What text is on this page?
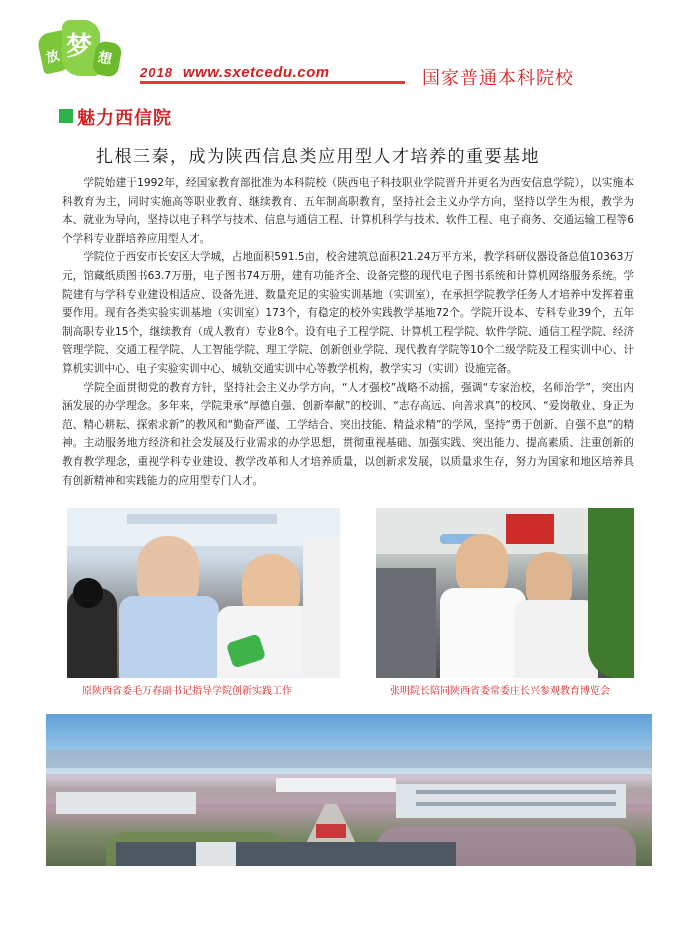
放 梦 想
2018 www.sxetcedu.com	国家普通本科院校
魅力西信院
扎根三秦，成为陕西信息类应用型人才培养的重要基地

学院始建于1992年，经国家教育部批准为本科院校（陕西电子科技职业学院晋升并更名为西安信息学院），以实施本科教育为主，同时实施高等职业教育、继续教育、五年制高职教育，坚持社会主义办学方向，坚持以学生为根，教学为本、就业为导向，坚持以电子科学与技术、信息与通信工程、计算机科学与技术、软件工程、电子商务、交通运输工程等6个学科专业群培养应用型人才。

学院位于西安市长安区大学城，占地面积591.5亩，校舍建筑总面积21.24万平方米，教学科研仪器设备总值10363万元，馆藏纸质图书63.7万册，电子图书74万册，建有功能齐全、设备完整的现代电子图书系统和计算机网络服务系统。学院建有与学科专业建设相适应、设备先进、数量充足的实验实训基地（实训室），在承担学院教学任务人才培养中发挥着重要作用。现有各类实验实训基地（实训室）173个，有稳定的校外实践教学基地72个。学院开设本、专科专业39个，五年制高职专业15个，继续教育（成人教育）专业8个。设有电子工程学院、计算机工程学院、软件学院、通信工程学院、经济管理学院、交通工程学院、人工智能学院、理工学院、创新创业学院、现代教育学院等10个二级学院及工程实训中心、计算机实训中心、电子实验实训中心、城轨交通实训中心等教学机构，教学实习（实训）设施完备。

学院全面贯彻党的教育方针，坚持社会主义办学方向，“人才强校”战略不动摇，强调“专家治校，名师治学”，突出内涵发展的办学理念。多年来，学院秉承“厚德自强、创新奉献”的校训、“志存高远、向善求真”的校风、“爱岗敬业、身正为范、精心耕耘、探索求新”的教风和“勤奋严谨、工学结合、突出技能、精益求精”的学风，坚持“勇于创新、自强不息”的精神。主动服务地方经济和社会发展及行业需求的办学思想，贯彻重视基础、加强实践、突出能力、提高素质、注重创新的教育教学理念，重视学科专业建设、教学改革和人才培养质量，以创新求发展，以质量求生存，努力为国家和地区培养具有创新精神和实践能力的应用型专门人才。

原陕西省委毛万春副书记指导学院创新实践工作	张明院长陪同陕西省委常委庄长兴参观教育博览会
